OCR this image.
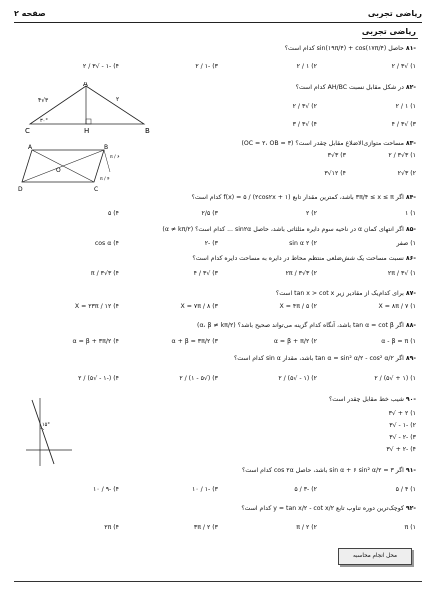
ریاضی تجربی
صفحه ۲
ریاضی تجربی
-۸۱ حاصل sin(۱۹π/۴) + cos(۱۷π/۴) کدام است؟
۱) √۳ / ۲
۲) ۱ / ۲
۳) -۱ / ۲
۴) -۱ - √۳ / ۲
-۸۲ در شکل مقابل نسبت AH/BC کدام است؟
۱) ۱ / ۲
۲) √۳ / ۲
۳) √۳ / ۴
۴) √۳ / ۳
A
B
C	H
۲
۴√۳
۳۰°
-۸۳ مساحت متوازی‌الاضلاع مقابل چقدر است؟ (OC = ۲، OB = ۳)
۱) ۳√۳ / ۲
۳) ۳√۳
۲) ۳√۲
۴) ۱۲√۳
A	B
C
D
O
π / ۶
π / ۴
-۸۴ اگر ۳π/۴ ≤ x ≤ π باشد، کمترین مقدار تابع f(x) = ۵ / (۲cos۲x + ۱) کدام است؟
۱) ۱
۲) ۲
۳) ۲/۵
۴) ۵
-۸۵ اگر انتهای کمان α در ناحیه سوم دایره مثلثاتی باشد، حاصل sin۲α ... کدام است؟ (α ≠ kπ/۲)
۱) صفر
۲) ۲ sin α
۳) -۲
۴) cos α
-۸۶ نسبت مساحت یک شش‌ضلعی منتظم محاط در دایره به مساحت دایره کدام است؟
۱) √۳ / ۲π
۲) ۳√۳ / ۲π
۳) √۳ / ۴
۴) ۳√۳ / π
-۸۷ برای کدام‌یک از مقادیر زیر tan x > cot x است؟
۱) X = ۸π / ۷
۲) X = ۴π / ۵
۳) X = ۷π / ۸
۴) X = ۲۳π / ۱۲
-۸۸ اگر tan α = cot β باشد، آنگاه کدام گزینه می‌تواند صحیح باشد؟ (α، β ≠ kπ/۲)
۱) α - β = π
۲) α = β + π/۲
۳) α + β = ۳π/۲
۴) α = β + ۳π/۲
-۸۹ اگر tan α = sin² α/۲ - cos² α/۲ باشد، مقدار sin α کدام است؟
۱) (۱ + √۵) / ۲
۲) (۱ - √۵) / ۲
۳) (√۵ - ۱) / ۲
۴) (-۱ - √۵) / ۲
-۹۰ شیب خط مقابل چقدر است؟
۱) ۲ + √۳
۲) -۱ - √۳
۳) -۲ - √۳
۴) -۲ + √۳
۱۵°
-۹۱ اگر sin α + ۶ sin² α/۲ = ۳ باشد، حاصل cos ۲α کدام است؟
۱) ۴ / ۵
۲) -۳ / ۵
۳) -۱ / ۱۰
۴) -۹ / ۱۰
-۹۲ کوچک‌ترین دوره تناوب تابع y = tan x/۲ - cot x/۲ کدام است؟
۱) π
۲) π / ۲
۳) ۳π / ۲
۴) ۲π
محل انجام محاسبه
